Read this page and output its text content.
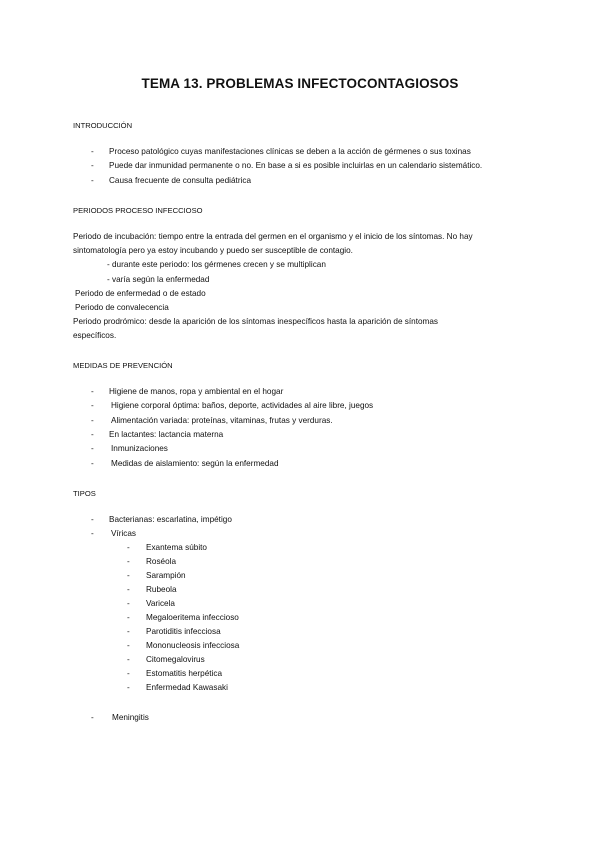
TEMA 13. PROBLEMAS INFECTOCONTAGIOSOS
INTRODUCCIÓN
- Proceso patológico cuyas manifestaciones clínicas se deben a la acción de gérmenes o sus toxinas
- Puede dar inmunidad permanente o no. En base a si es posible incluirlas en un calendario sistemático.
- Causa frecuente de consulta pediátrica
PERIODOS PROCESO INFECCIOSO
Periodo de incubación: tiempo entre la entrada del germen en el organismo y el inicio de los síntomas. No hay
sintomatología pero ya estoy incubando y puedo ser susceptible de contagio.
- durante este periodo: los gérmenes crecen y se multiplican
- varía según la enfermedad
Periodo de enfermedad o de estado
Periodo de convalecencia
Periodo prodrómico: desde la aparición de los síntomas inespecíficos hasta la aparición de síntomas
específicos.
MEDIDAS DE PREVENCIÓN
- Higiene de manos, ropa y ambiental en el hogar
- Higiene corporal óptima: baños, deporte, actividades al aire libre, juegos
- Alimentación variada: proteínas, vitaminas, frutas y verduras.
- En lactantes: lactancia materna
- Inmunizaciones
- Medidas de aislamiento: según la enfermedad
TIPOS
- Bacterianas: escarlatina, impétigo
- Víricas
- Exantema súbito
- Roséola
- Sarampión
- Rubeola
- Varicela
- Megaloeritema infeccioso
- Parotiditis infecciosa
- Mononucleosis infecciosa
- Citomegalovirus
- Estomatitis herpética
- Enfermedad Kawasaki
- Meningitis
